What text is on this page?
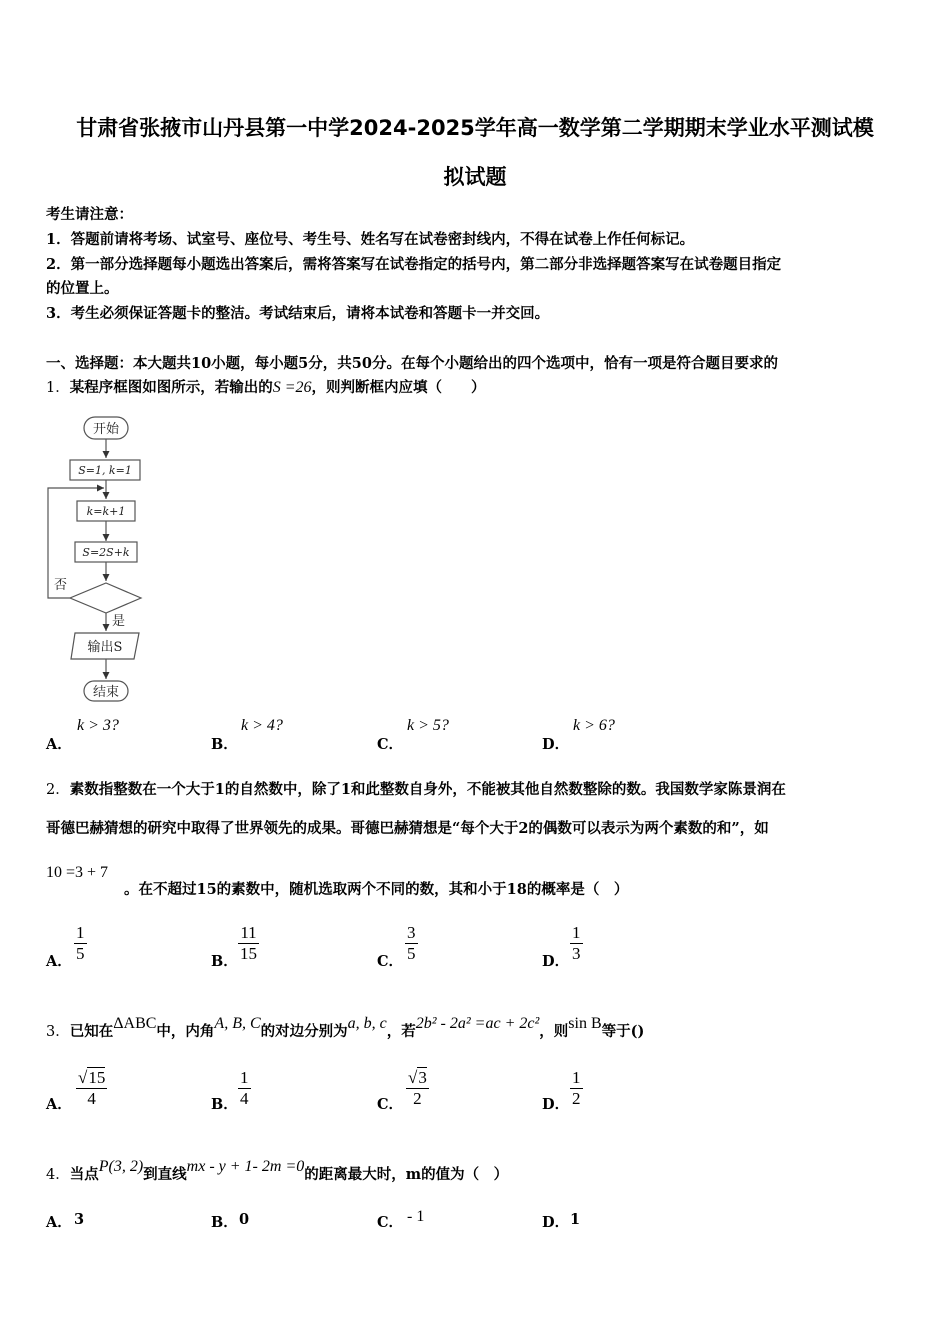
甘肃省张掖市山丹县第一中学2024-2025学年高一数学第二学期期末学业水平测试模
拟试题
考生请注意：
1．答题前请将考场、试室号、座位号、考生号、姓名写在试卷密封线内，不得在试卷上作任何标记。
2．第一部分选择题每小题选出答案后，需将答案写在试卷指定的括号内，第二部分非选择题答案写在试卷题目指定
的位置上。
3．考生必须保证答题卡的整洁。考试结束后，请将本试卷和答题卡一并交回。
一、选择题：本大题共10小题，每小题5分，共50分。在每个小题给出的四个选项中，恰有一项是符合题目要求的
1．某程序框图如图所示，若输出的S =26，则判断框内应填（　　）
开始
S=1, k=1
k=k+1
S=2S+k
否
是
输出S
结束
A．
k > 3?
B．
k > 4?
C．
k > 5?
D．
k > 6?
2．素数指整数在一个大于1的自然数中，除了1和此整数自身外，不能被其他自然数整除的数。我国数学家陈景润在
哥德巴赫猜想的研究中取得了世界领先的成果。哥德巴赫猜想是“每个大于2的偶数可以表示为两个素数的和”，如
10 =3 + 7
。在不超过15的素数中，随机选取两个不同的数，其和小于18的概率是（　）
A． $\frac{1}{5}$	B． $\frac{11}{15}$	C． $\frac{3}{5}$	D． $\frac{1}{3}$
3．已知在ΔABC中，内角A, B, C的对边分别为a, b, c，若2b² - 2a² =ac + 2c²，则sin B等于()
A． $\frac{√15}{4}$	B． $\frac{1}{4}$	C． $\frac{√3}{2}$	D． $\frac{1}{2}$
4．当点P(3, 2)到直线mx - y + 1- 2m =0的距离最大时，m的值为（　）
A． 3	B． 0	C． - 1	D． 1
